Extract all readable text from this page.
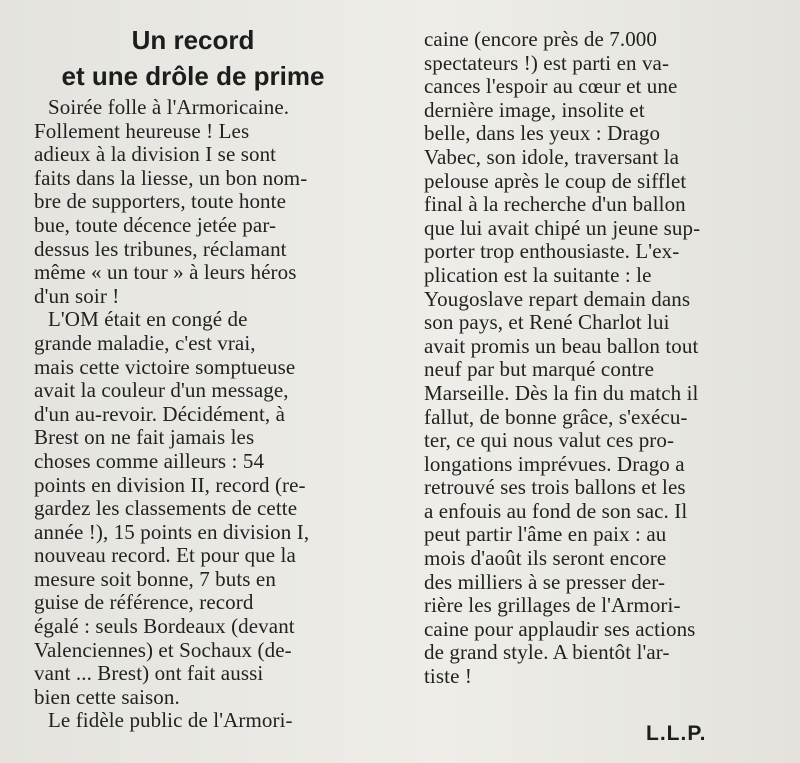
Un record
et une drôle de prime
Soirée folle à l'Armoricaine.
Follement heureuse ! Les
adieux à la division I se sont
faits dans la liesse, un bon nom-
bre de supporters, toute honte
bue, toute décence jetée par-
dessus les tribunes, réclamant
même « un tour » à leurs héros
d'un soir !
L'OM était en congé de
grande maladie, c'est vrai,
mais cette victoire somptueuse
avait la couleur d'un message,
d'un au-revoir. Décidément, à
Brest on ne fait jamais les
choses comme ailleurs : 54
points en division II, record (re-
gardez les classements de cette
année !), 15 points en division I,
nouveau record. Et pour que la
mesure soit bonne, 7 buts en
guise de référence, record
égalé : seuls Bordeaux (devant
Valenciennes) et Sochaux (de-
vant ... Brest) ont fait aussi
bien cette saison.
Le fidèle public de l'Armori-
caine (encore près de 7.000
spectateurs !) est parti en va-
cances l'espoir au cœur et une
dernière image, insolite et
belle, dans les yeux : Drago
Vabec, son idole, traversant la
pelouse après le coup de sifflet
final à la recherche d'un ballon
que lui avait chipé un jeune sup-
porter trop enthousiaste. L'ex-
plication est la suitante : le
Yougoslave repart demain dans
son pays, et René Charlot lui
avait promis un beau ballon tout
neuf par but marqué contre
Marseille. Dès la fin du match il
fallut, de bonne grâce, s'exécu-
ter, ce qui nous valut ces pro-
longations imprévues. Drago a
retrouvé ses trois ballons et les
a enfouis au fond de son sac. Il
peut partir l'âme en paix : au
mois d'août ils seront encore
des milliers à se presser der-
rière les grillages de l'Armori-
caine pour applaudir ses actions
de grand style. A bientôt l'ar-
tiste !
L.L.P.
